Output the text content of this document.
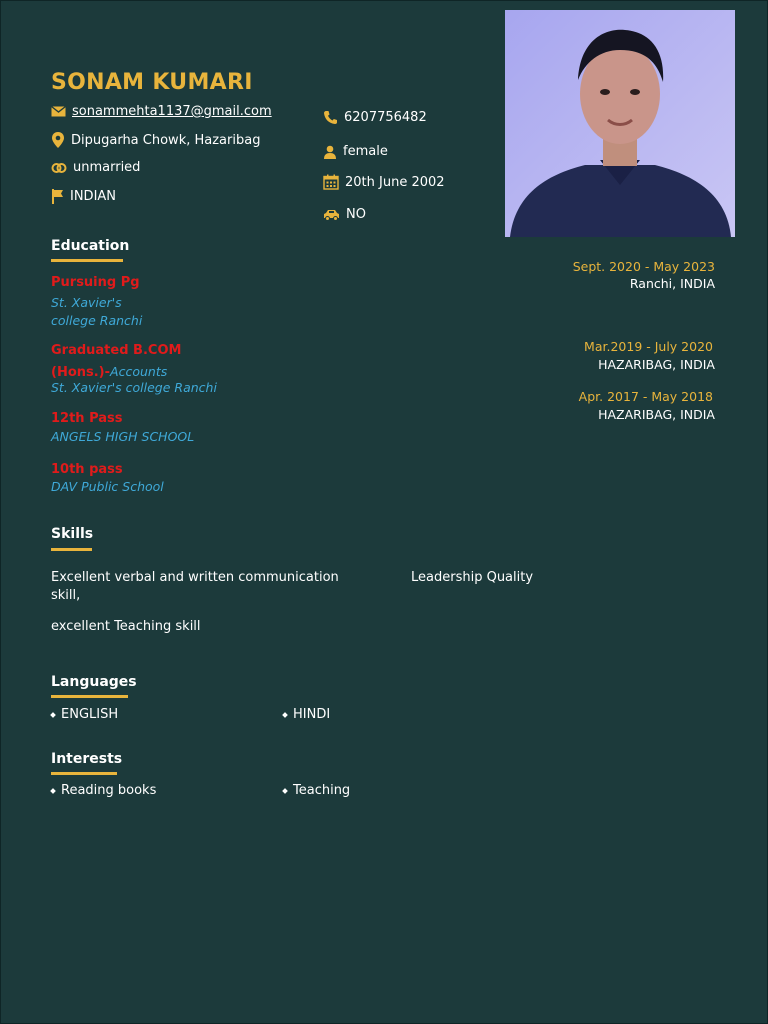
SONAM KUMARI
sonammehta1137@gmail.com
Dipugarha Chowk, Hazaribag
unmarried
INDIAN
6207756482
female
20th June 2002
NO
Education
Pursuing Pg
St. Xavier's
college Ranchi
Graduated B.COM
(Hons.)-Accounts
St. Xavier's college Ranchi
12th Pass
ANGELS HIGH SCHOOL
10th pass
DAV Public School
Sept. 2020 - May 2023
Ranchi, INDIA
Mar.2019 - July 2020
HAZARIBAG, INDIA
Apr. 2017 - May 2018
HAZARIBAG, INDIA
Skills
Excellent verbal and written communication
skill,
Leadership Quality
excellent Teaching skill
Languages
ENGLISH	HINDI
Interests
Reading books	Teaching
